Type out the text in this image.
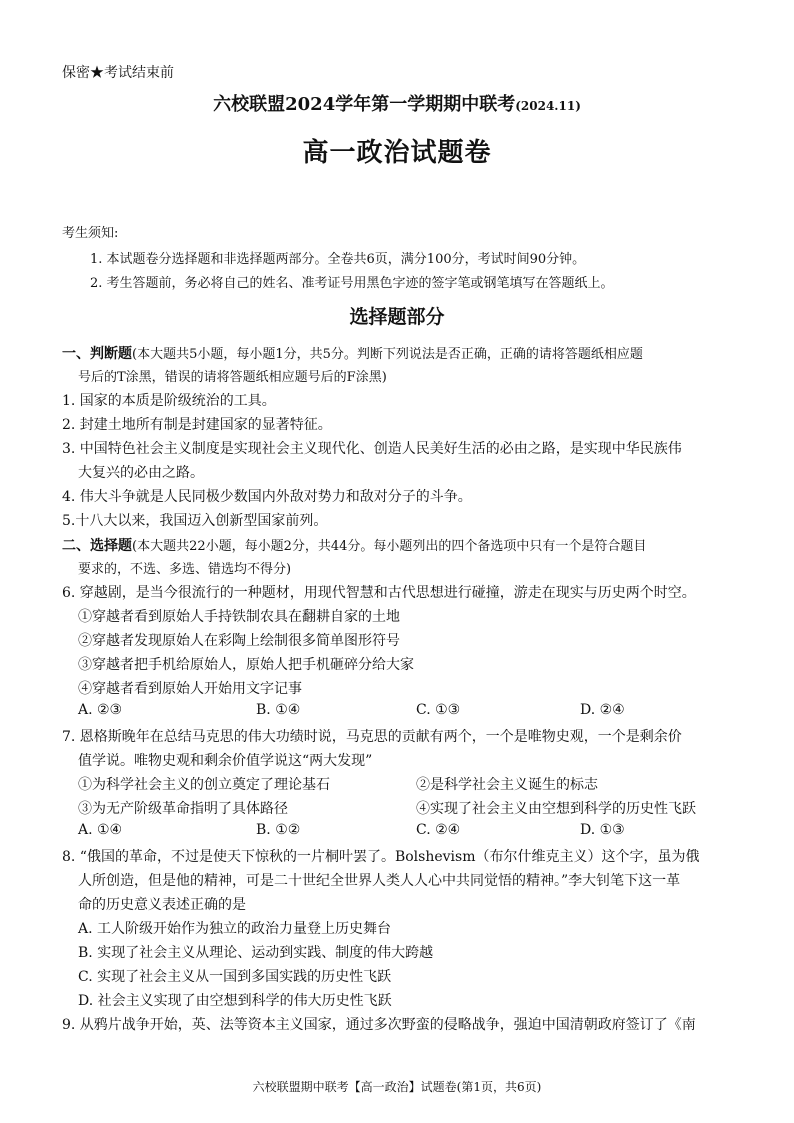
保密★考试结束前
六校联盟2024学年第一学期期中联考(2024.11)
高一政治试题卷
考生须知:
1. 本试题卷分选择题和非选择题两部分。全卷共6页，满分100分，考试时间90分钟。
2. 考生答题前，务必将自己的姓名、准考证号用黑色字迹的签字笔或钢笔填写在答题纸上。
选择题部分
一、判断题(本大题共5小题，每小题1分，共5分。判断下列说法是否正确，正确的请将答题纸相应题
号后的T涂黑，错误的请将答题纸相应题号后的F涂黑)
1. 国家的本质是阶级统治的工具。
2. 封建土地所有制是封建国家的显著特征。
3. 中国特色社会主义制度是实现社会主义现代化、创造人民美好生活的必由之路，是实现中华民族伟
大复兴的必由之路。
4. 伟大斗争就是人民同极少数国内外敌对势力和敌对分子的斗争。
5.十八大以来，我国迈入创新型国家前列。
二、选择题(本大题共22小题，每小题2分，共44分。每小题列出的四个备选项中只有一个是符合题目
要求的，不选、多选、错选均不得分)
6. 穿越剧，是当今很流行的一种题材，用现代智慧和古代思想进行碰撞，游走在现实与历史两个时空。
①穿越者看到原始人手持铁制农具在翻耕自家的土地
②穿越者发现原始人在彩陶上绘制很多简单图形符号
③穿越者把手机给原始人，原始人把手机砸碎分给大家
④穿越者看到原始人开始用文字记事
A. ②③	B. ①④	C. ①③	D. ②④
7. 恩格斯晚年在总结马克思的伟大功绩时说，马克思的贡献有两个，一个是唯物史观，一个是剩余价
值学说。唯物史观和剩余价值学说这“两大发现”
①为科学社会主义的创立奠定了理论基石	②是科学社会主义诞生的标志
③为无产阶级革命指明了具体路径	④实现了社会主义由空想到科学的历史性飞跃
A. ①④	B. ①②	C. ②④	D. ①③
8. “俄国的革命，不过是使天下惊秋的一片桐叶罢了。Bolshevism（布尔什维克主义）这个字，虽为俄
人所创造，但是他的精神，可是二十世纪全世界人类人人心中共同觉悟的精神。”李大钊笔下这一革
命的历史意义表述正确的是
A. 工人阶级开始作为独立的政治力量登上历史舞台
B. 实现了社会主义从理论、运动到实践、制度的伟大跨越
C. 实现了社会主义从一国到多国实践的历史性飞跃
D. 社会主义实现了由空想到科学的伟大历史性飞跃
9. 从鸦片战争开始，英、法等资本主义国家，通过多次野蛮的侵略战争，强迫中国清朝政府签订了《南
六校联盟期中联考【高一政治】试题卷(第1页，共6页)
